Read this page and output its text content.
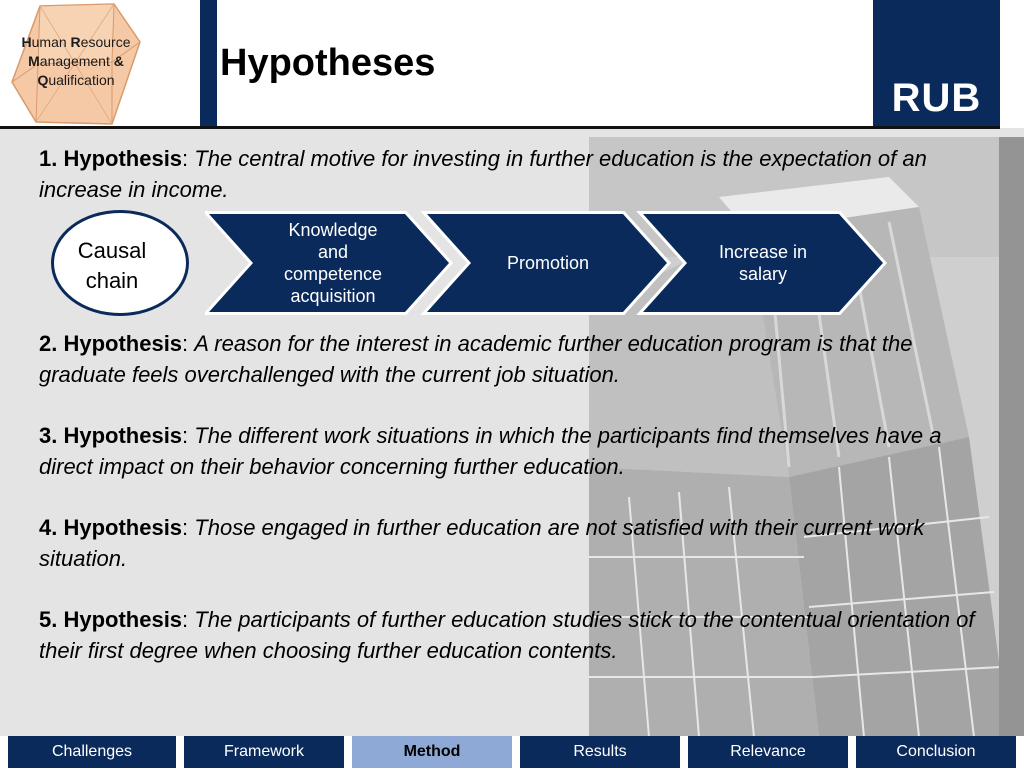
Human Resource
Management &
Qualification	Hypotheses
RUB
1. Hypothesis: The central motive for investing in further education is the expectation of an increase in income.
Causal
chain
Knowledge
and
competence
acquisition
Promotion
Increase in
salary
2. Hypothesis: A reason for the interest in academic further education program is that the graduate feels overchallenged with the current job situation.
3. Hypothesis: The different work situations in which the participants find themselves have a direct impact on their behavior concerning further education.
4. Hypothesis: Those engaged in further education are not satisfied with their current work situation.
5. Hypothesis: The participants of further education studies stick to the contentual orientation of their first degree when choosing further education contents.
Challenges	Framework	Method	Results	Relevance	Conclusion
